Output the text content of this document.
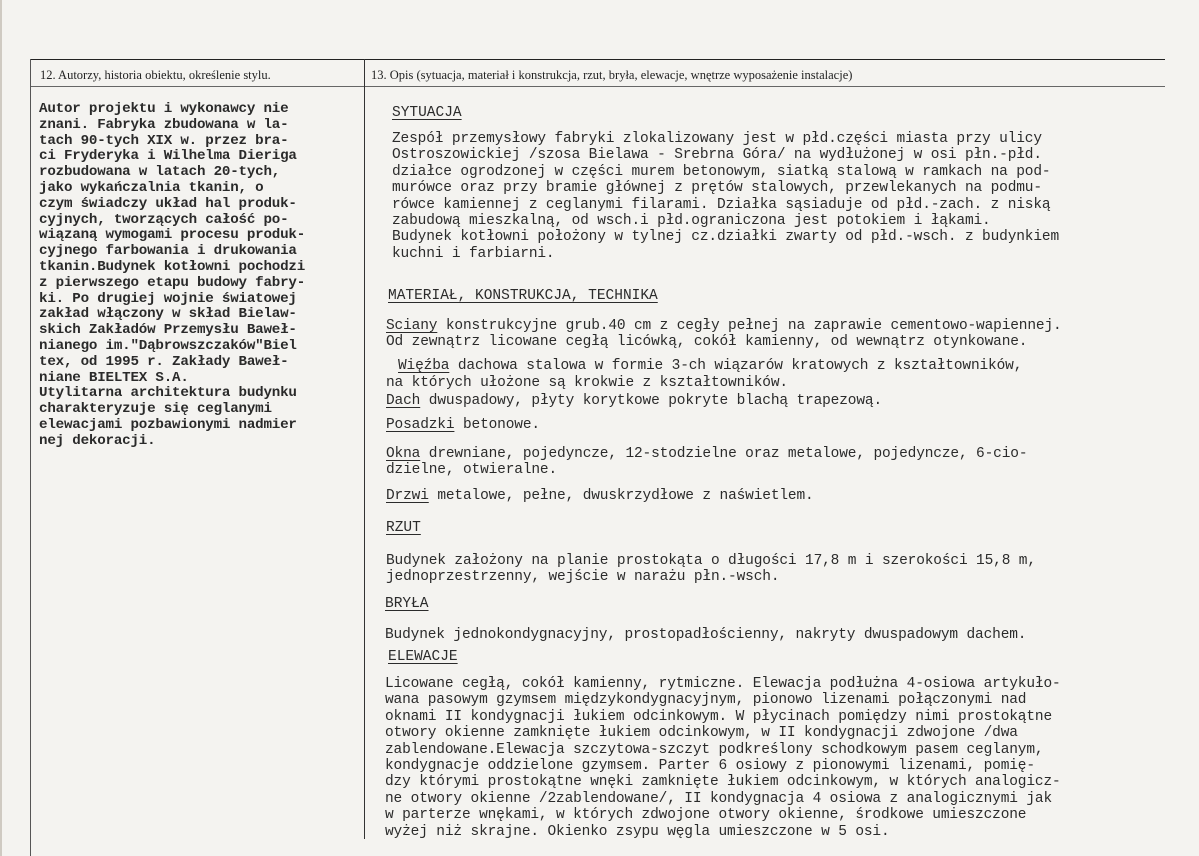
12. Autorzy, historia obiektu, określenie stylu.	13. Opis (sytuacja, materiał i konstrukcja, rzut, bryła, elewacje, wnętrze wyposażenie instalacje)
Autor projektu i wykonawcy nie
znani. Fabryka zbudowana w la-
tach 90-tych XIX w. przez bra-
ci Fryderyka i Wilhelma Dieriga
rozbudowana w latach 20-tych,
jako wykańczalnia tkanin, o
czym świadczy układ hal produk-
cyjnych, tworzących całość po-
wiązaną wymogami procesu produk-
cyjnego farbowania i drukowania
tkanin.Budynek kotłowni pochodzi
z pierwszego etapu budowy fabry-
ki. Po drugiej wojnie światowej
zakład włączony w skład Bielaw-
skich Zakładów Przemysłu Baweł-
nianego im."Dąbrowszczaków"Biel
tex, od 1995 r. Zakłady Baweł-
niane BIELTEX S.A.
Utylitarna architektura budynku
charakteryzuje się ceglanymi
elewacjami pozbawionymi nadmier
nej dekoracji.
SYTUACJA
Zespół przemysłowy fabryki zlokalizowany jest w płd.części miasta przy ulicy
Ostroszowickiej /szosa Bielawa - Srebrna Góra/ na wydłużonej w osi płn.-płd.
działce ogrodzonej w części murem betonowym, siatką stalową w ramkach na pod-
murówce oraz przy bramie głównej z prętów stalowych, przewlekanych na podmu-
rówce kamiennej z ceglanymi filarami. Działka sąsiaduje od płd.-zach. z niską
zabudową mieszkalną, od wsch.i płd.ograniczona jest potokiem i łąkami.
Budynek kotłowni położony w tylnej cz.działki zwarty od płd.-wsch. z budynkiem
kuchni i farbiarni.
MATERIAŁ, KONSTRUKCJA, TECHNIKA
Sciany konstrukcyjne grub.40 cm z cegły pełnej na zaprawie cementowo-wapiennej.
Od zewnątrz licowane cegłą licówką, cokół kamienny, od wewnątrz otynkowane.
Więźba dachowa stalowa w formie 3-ch wiązarów kratowych z kształtowników,
na których ułożone są krokwie z kształtowników.
Dach dwuspadowy, płyty korytkowe pokryte blachą trapezową.
Posadzki betonowe.
Okna drewniane, pojedyncze, 12-stodzielne oraz metalowe, pojedyncze, 6-cio-
dzielne, otwieralne.
Drzwi metalowe, pełne, dwuskrzydłowe z naświetlem.
RZUT
Budynek założony na planie prostokąta o długości 17,8 m i szerokości 15,8 m,
jednoprzestrzenny, wejście w narażu płn.-wsch.
BRYŁA
Budynek jednokondygnacyjny, prostopadłościenny, nakryty dwuspadowym dachem.
ELEWACJE
Licowane cegłą, cokół kamienny, rytmiczne. Elewacja podłużna 4-osiowa artykuło-
wana pasowym gzymsem międzykondygnacyjnym, pionowo lizenami połączonymi nad
oknami II kondygnacji łukiem odcinkowym. W płycinach pomiędzy nimi prostokątne
otwory okienne zamknięte łukiem odcinkowym, w II kondygnacji zdwojone /dwa
zablendowane.Elewacja szczytowa-szczyt podkreślony schodkowym pasem ceglanym,
kondygnacje oddzielone gzymsem. Parter 6 osiowy z pionowymi lizenami, pomię-
dzy którymi prostokątne wnęki zamknięte łukiem odcinkowym, w których analogicz-
ne otwory okienne /2zablendowane/, II kondygnacja 4 osiowa z analogicznymi jak
w parterze wnękami, w których zdwojone otwory okienne, środkowe umieszczone
wyżej niż skrajne. Okienko zsypu węgla umieszczone w 5 osi.
